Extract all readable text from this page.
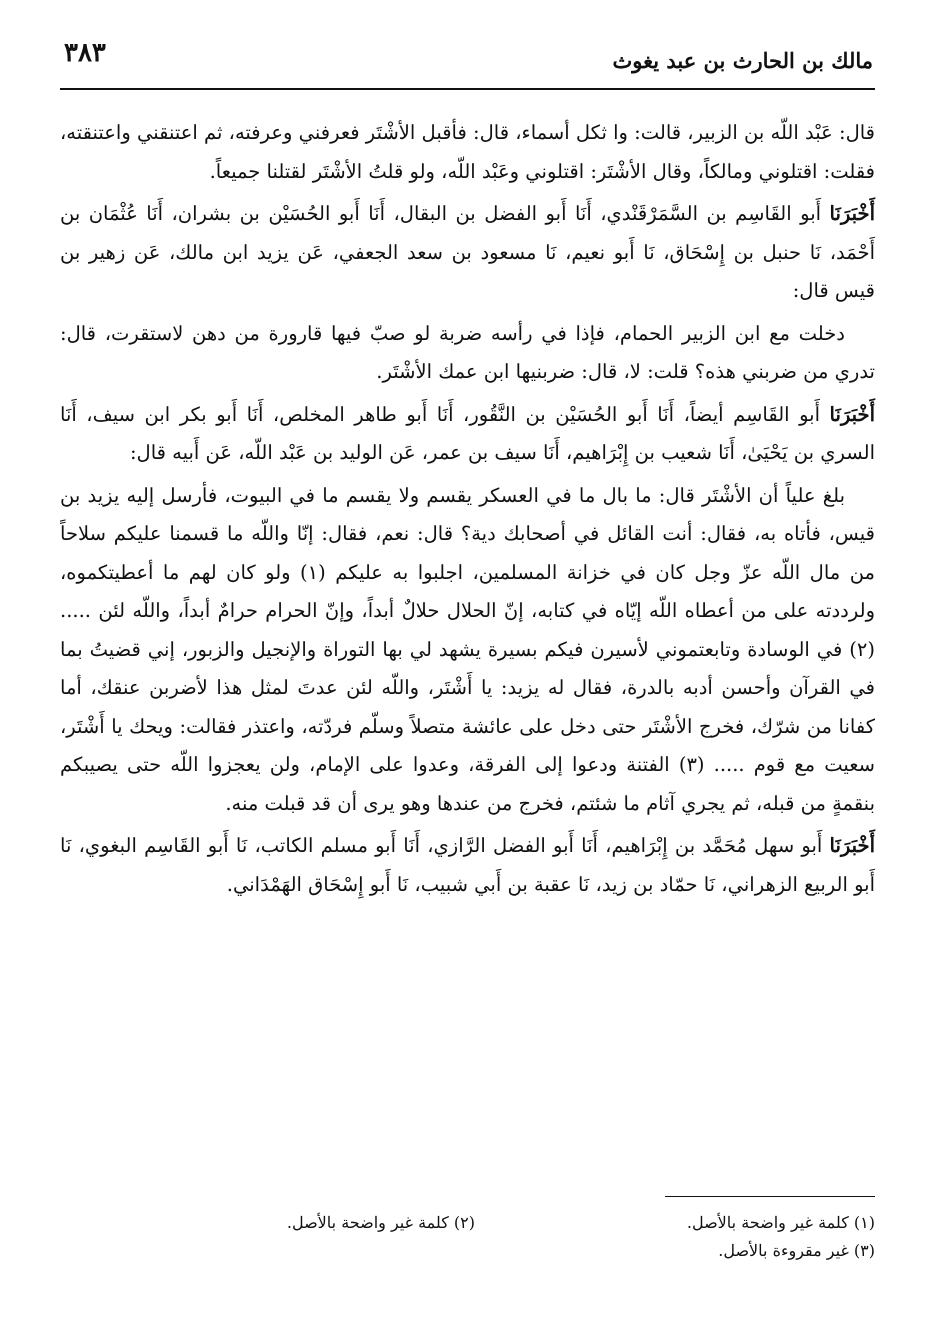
٣٨٣	مالك بن الحارث بن عبد يغوث

قال: عَبْد اللّه بن الزبير، قالت: وا ثكل أسماء، قال: فأقبل الأشْتَر فعرفني وعرفته، ثم اعتنقني واعتنقته، فقلت: اقتلوني ومالكاً، وقال الأشْتَر: اقتلوني وعَبْد اللّه، ولو قلتُ الأشْتَر لقتلنا جميعاً.

أَخْبَرَنَا أَبو القَاسِم بن السَّمَرْقَنْدي، أَنَا أَبو الفضل بن البقال، أَنَا أَبو الحُسَيْن بن بشران، أَنَا عُثْمَان بن أَحْمَد، نَا حنبل بن إِسْحَاق، نَا أَبو نعيم، نَا مسعود بن سعد الجعفي، عَن يزيد ابن مالك، عَن زهير بن قيس قال:

دخلت مع ابن الزبير الحمام، فإذا في رأسه ضربة لو صبّ فيها قارورة من دهن لاستقرت، قال: تدري من ضربني هذه؟ قلت: لا، قال: ضربنيها ابن عمك الأشْتَر.

أَخْبَرَنَا أَبو القَاسِم أيضاً، أَنَا أَبو الحُسَيْن بن النَّقُور، أَنَا أَبو طاهر المخلص، أَنَا أَبو بكر ابن سيف، أَنَا السري بن يَحْيَىٰ، أَنَا شعيب بن إِبْرَاهيم، أَنَا سيف بن عمر، عَن الوليد بن عَبْد اللّه، عَن أَبيه قال:

بلغ علياً أن الأشْتَر قال: ما بال ما في العسكر يقسم ولا يقسم ما في البيوت، فأرسل إليه يزيد بن قيس، فأتاه به، فقال: أنت القائل في أصحابك دية؟ قال: نعم، فقال: إنّا واللّه ما قسمنا عليكم سلاحاً من مال اللّه عزّ وجل كان في خزانة المسلمين، اجلبوا به عليكم (١) ولو كان لهم ما أعطيتكموه، ولرددته على من أعطاه اللّه إيّاه في كتابه، إنّ الحلال حلالٌ أبداً، وإنّ الحرام حرامٌ أبداً، واللّه لئن ..... (٢) في الوسادة وتابعتموني لأسيرن فيكم بسيرة يشهد لي بها التوراة والإنجيل والزبور، إني قضيتُ بما في القرآن وأحسن أدبه بالدرة، فقال له يزيد: يا أَشْتَر، واللّه لئن عدتَ لمثل هذا لأضربن عنقك، أما كفانا من شرّك، فخرج الأشْتَر حتى دخل على عائشة متصلاً وسلّم فردّته، واعتذر فقالت: ويحك يا أَشْتَر، سعيت مع قوم ..... (٣) الفتنة ودعوا إلى الفرقة، وعدوا على الإمام، ولن يعجزوا اللّه حتى يصيبكم بنقمةٍ من قبله، ثم يجري آثام ما شئتم، فخرج من عندها وهو يرى أن قد قبلت منه.

أَخْبَرَنَا أَبو سهل مُحَمَّد بن إِبْرَاهيم، أَنَا أَبو الفضل الرَّازي، أَنَا أَبو مسلم الكاتب، نَا أَبو القَاسِم البغوي، نَا أَبو الربيع الزهراني، نَا حمّاد بن زيد، نَا عقبة بن أَبي شبيب، نَا أَبو إِسْحَاق الهَمْدَاني.

(١) كلمة غير واضحة بالأصل.
(٢) كلمة غير واضحة بالأصل.
(٣) غير مقروءة بالأصل.
